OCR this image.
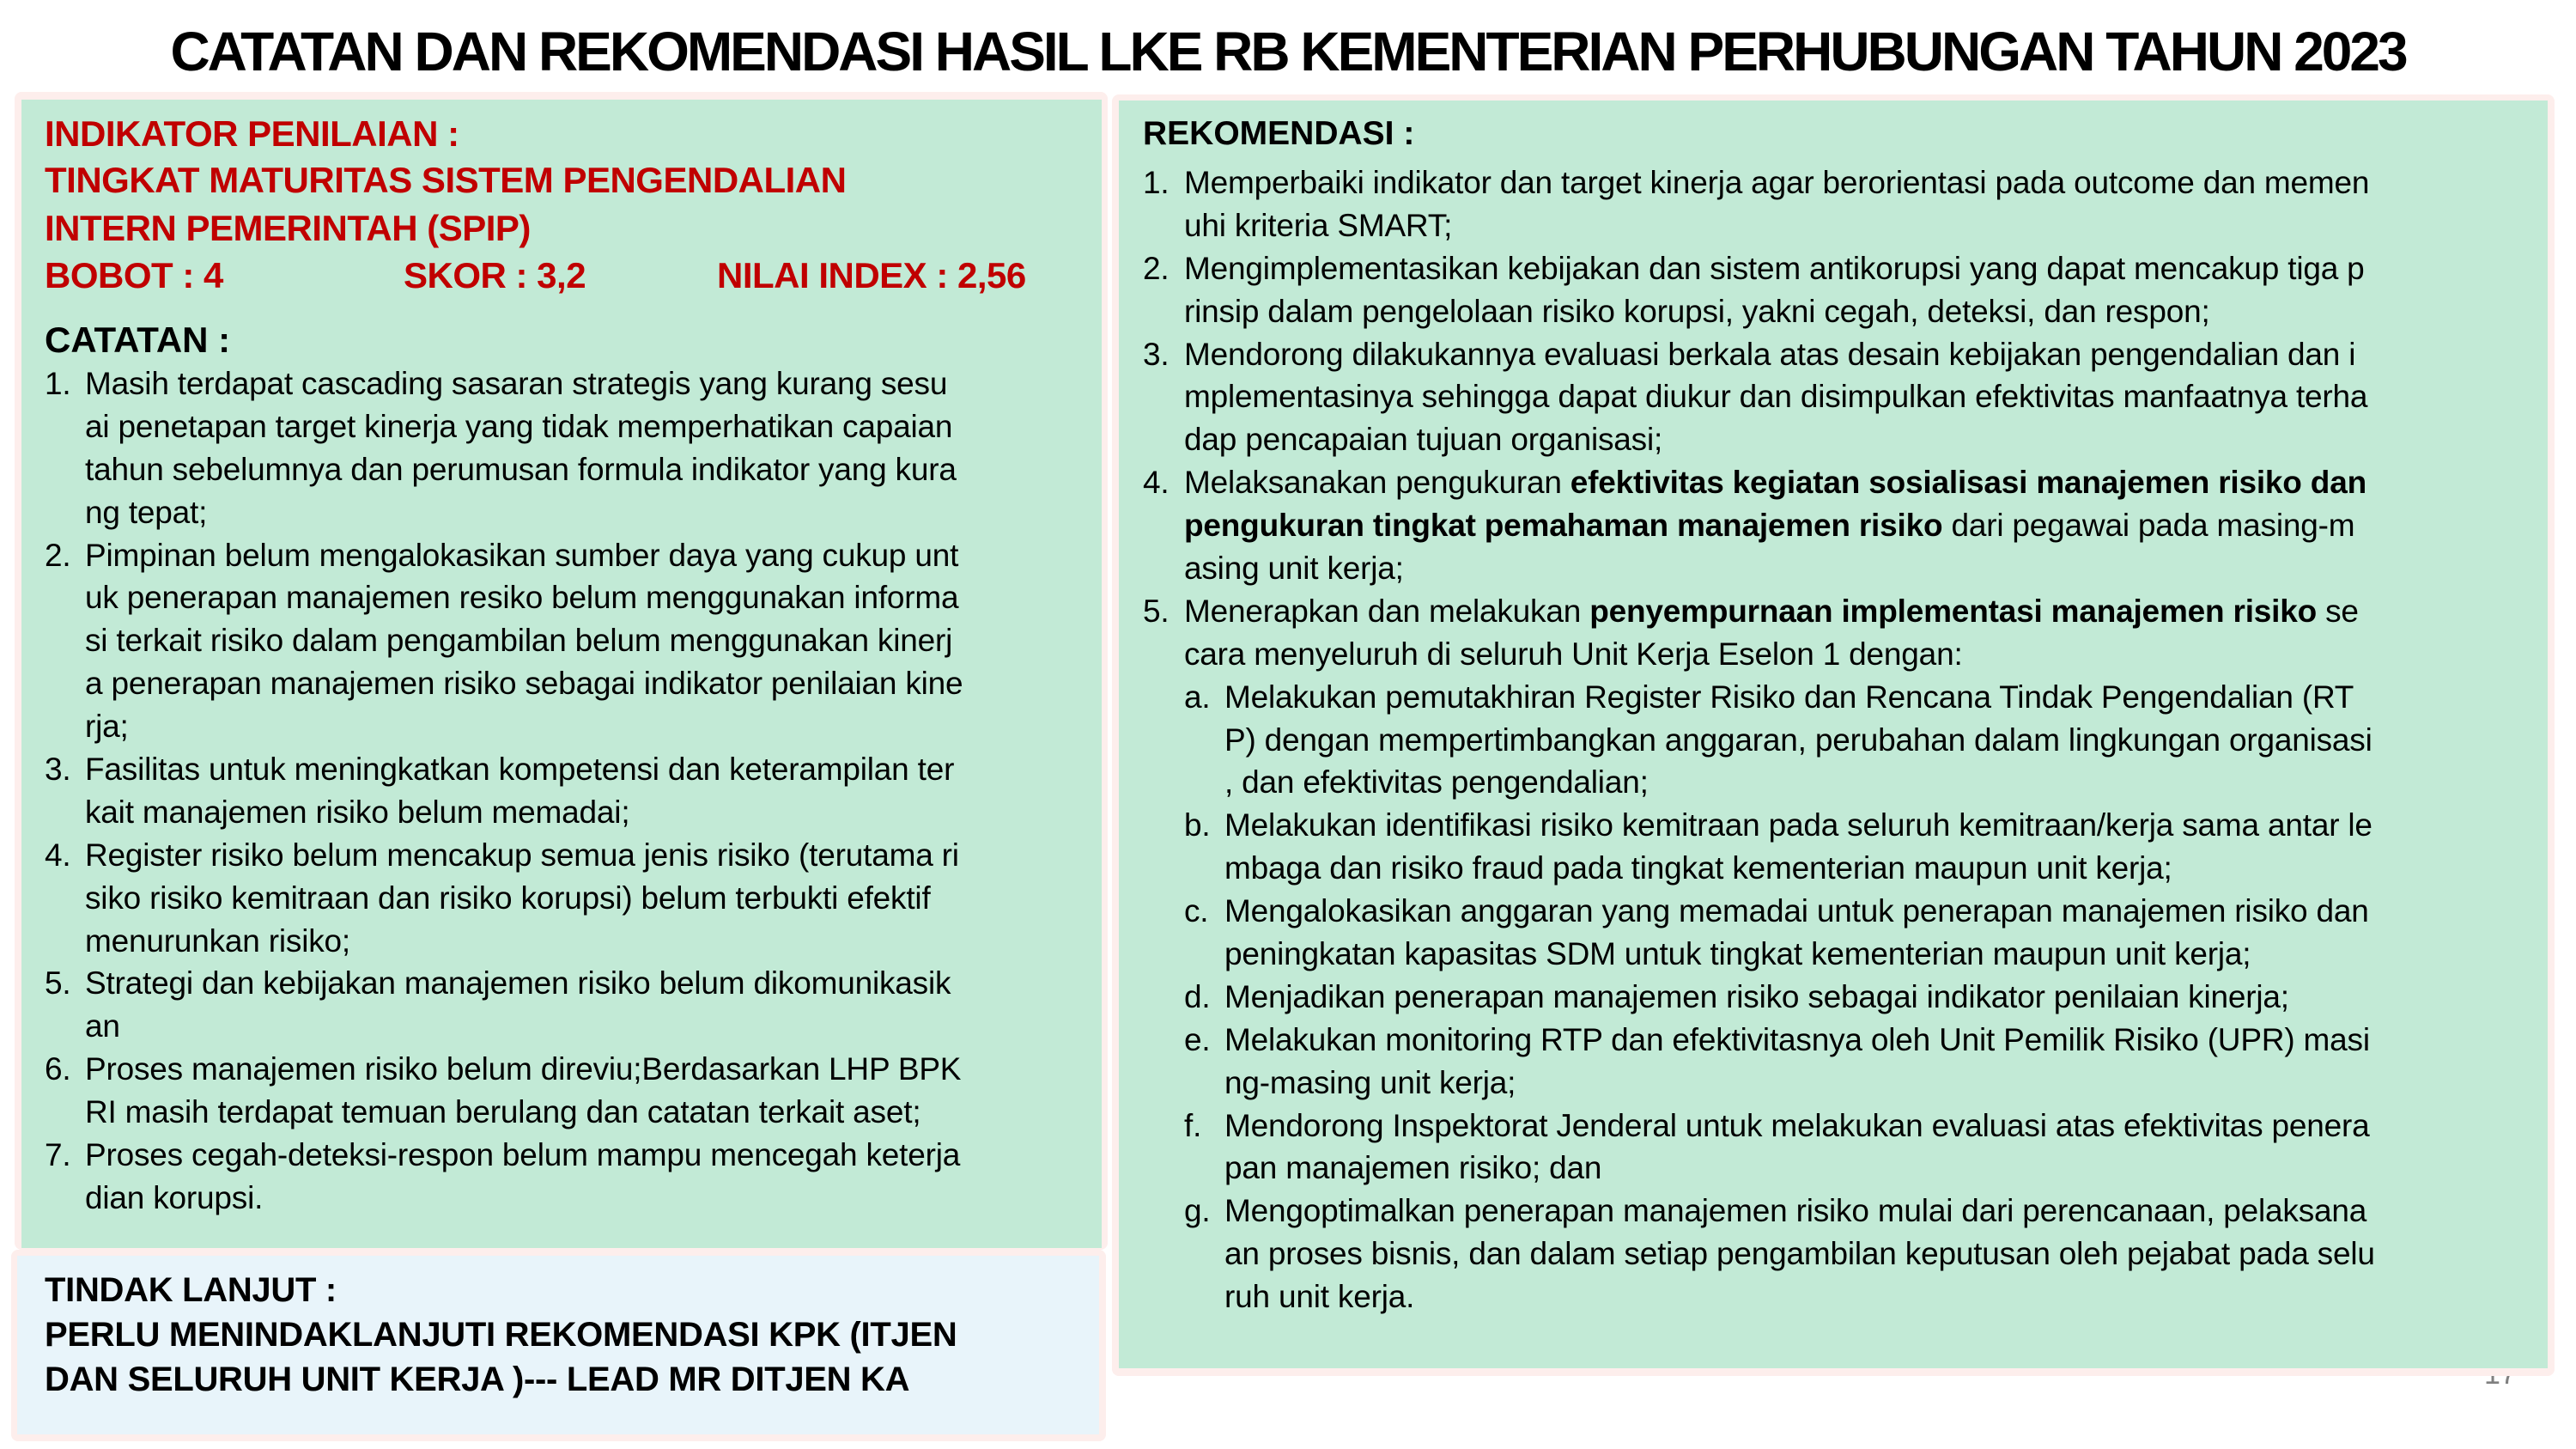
CATATAN DAN REKOMENDASI HASIL LKE RB KEMENTERIAN PERHUBUNGAN TAHUN 2023
INDIKATOR PENILAIAN :
TINGKAT MATURITAS SISTEM PENGENDALIAN
INTERN PEMERINTAH (SPIP)
BOBOT : 4	SKOR : 3,2	NILAI INDEX : 2,56
CATATAN :
1. Masih terdapat cascading sasaran strategis yang kurang sesu
ai penetapan target kinerja yang tidak memperhatikan capaian
tahun sebelumnya dan perumusan formula indikator yang kura
ng tepat;
2. Pimpinan belum mengalokasikan sumber daya yang cukup unt
uk penerapan manajemen resiko belum menggunakan informa
si terkait risiko dalam pengambilan belum menggunakan kinerj
a penerapan manajemen risiko sebagai indikator penilaian kine
rja;
3. Fasilitas untuk meningkatkan kompetensi dan keterampilan ter
kait manajemen risiko belum memadai;
4. Register risiko belum mencakup semua jenis risiko (terutama ri
siko risiko kemitraan dan risiko korupsi) belum terbukti efektif
menurunkan risiko;
5. Strategi dan kebijakan manajemen risiko belum dikomunikasik
an
6. Proses manajemen risiko belum direviu;Berdasarkan LHP BPK
RI masih terdapat temuan berulang dan catatan terkait aset;
7. Proses cegah-deteksi-respon belum mampu mencegah keterja
dian korupsi.
TINDAK LANJUT :
PERLU MENINDAKLANJUTI REKOMENDASI KPK (ITJEN
DAN SELURUH UNIT KERJA )--- LEAD MR DITJEN KA
REKOMENDASI :
1. Memperbaiki indikator dan target kinerja agar berorientasi pada outcome dan memen
uhi kriteria SMART;
2. Mengimplementasikan kebijakan dan sistem antikorupsi yang dapat mencakup tiga p
rinsip dalam pengelolaan risiko korupsi, yakni cegah, deteksi, dan respon;
3. Mendorong dilakukannya evaluasi berkala atas desain kebijakan pengendalian dan i
mplementasinya sehingga dapat diukur dan disimpulkan efektivitas manfaatnya terha
dap pencapaian tujuan organisasi;
4. Melaksanakan pengukuran efektivitas kegiatan sosialisasi manajemen risiko dan
pengukuran tingkat pemahaman manajemen risiko dari pegawai pada masing-m
asing unit kerja;
5. Menerapkan dan melakukan penyempurnaan implementasi manajemen risiko se
cara menyeluruh di seluruh Unit Kerja Eselon 1 dengan:
a. Melakukan pemutakhiran Register Risiko dan Rencana Tindak Pengendalian (RT
P) dengan mempertimbangkan anggaran, perubahan dalam lingkungan organisasi
, dan efektivitas pengendalian;
b. Melakukan identifikasi risiko kemitraan pada seluruh kemitraan/kerja sama antar le
mbaga dan risiko fraud pada tingkat kementerian maupun unit kerja;
c. Mengalokasikan anggaran yang memadai untuk penerapan manajemen risiko dan
peningkatan kapasitas SDM untuk tingkat kementerian maupun unit kerja;
d. Menjadikan penerapan manajemen risiko sebagai indikator penilaian kinerja;
e. Melakukan monitoring RTP dan efektivitasnya oleh Unit Pemilik Risiko (UPR) masi
ng-masing unit kerja;
f. Mendorong Inspektorat Jenderal untuk melakukan evaluasi atas efektivitas penera
pan manajemen risiko; dan
g. Mengoptimalkan penerapan manajemen risiko mulai dari perencanaan, pelaksana
an proses bisnis, dan dalam setiap pengambilan keputusan oleh pejabat pada selu
ruh unit kerja.
